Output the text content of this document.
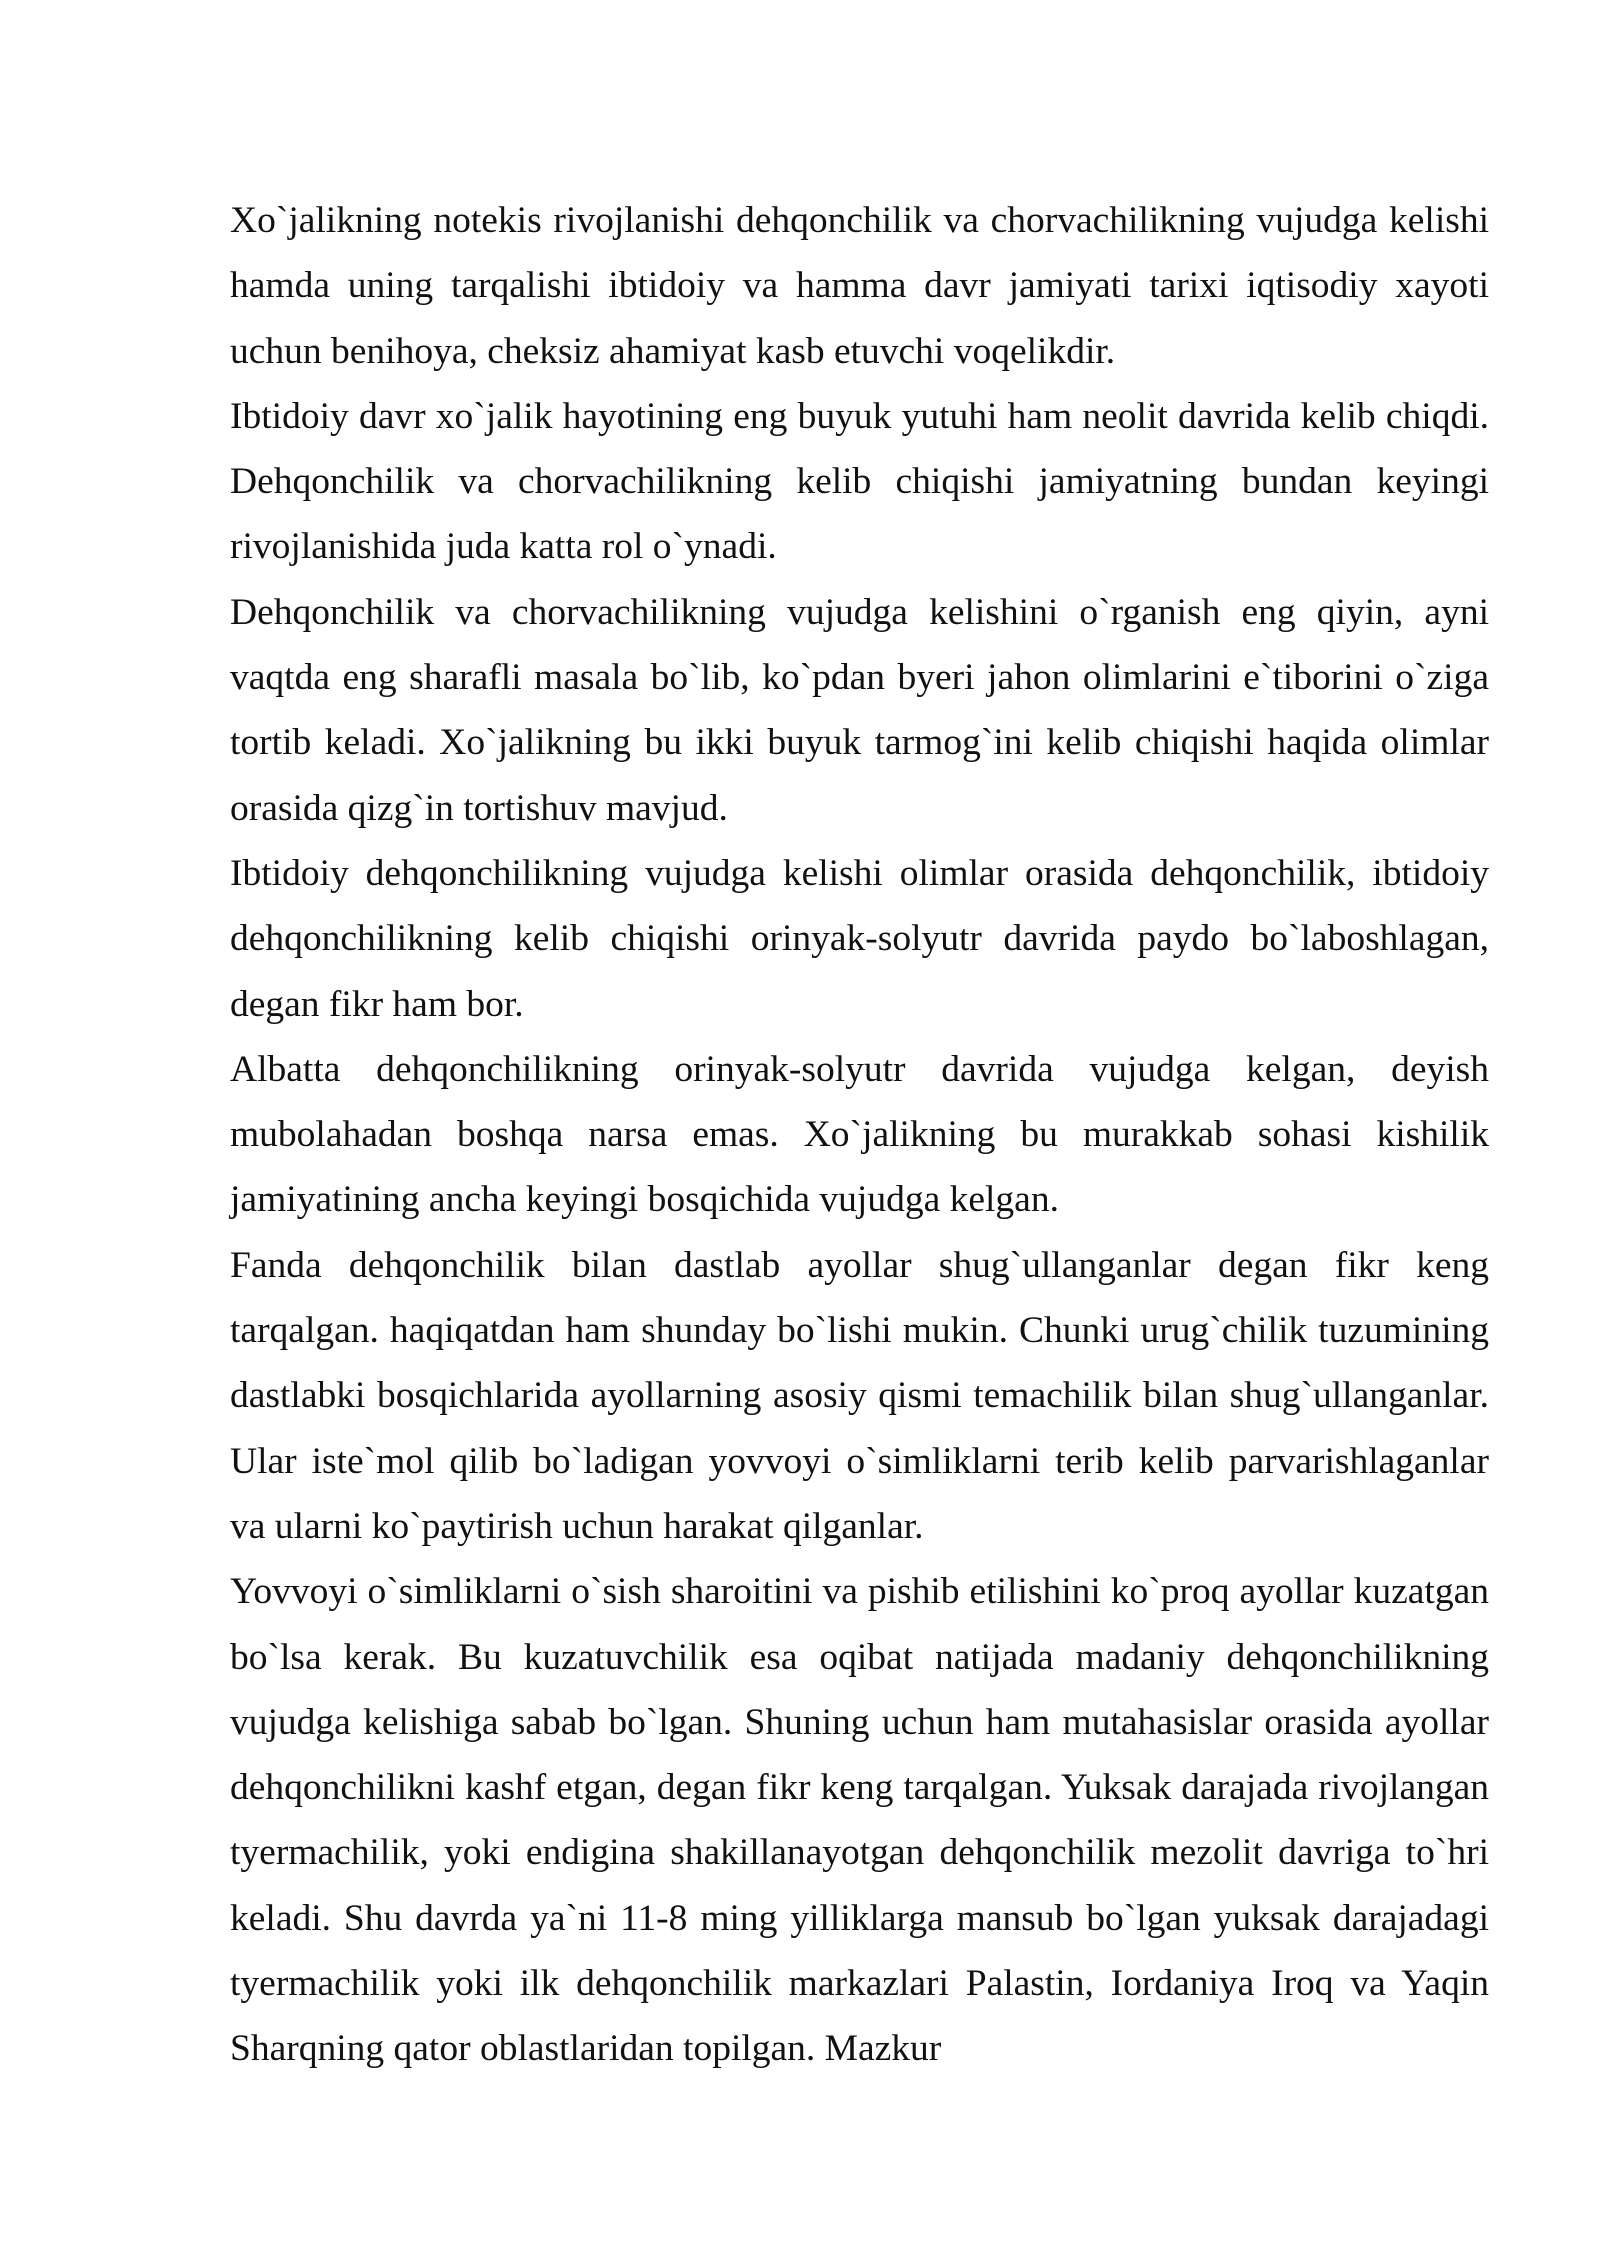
Xo`jalikning notekis rivojlanishi dehqonchilik va chorvachilikning vujudga kelishi hamda uning tarqalishi ibtidoiy va hamma davr jamiyati tarixi iqtisodiy xayoti uchun benihoya, cheksiz ahamiyat kasb etuvchi voqelikdir.

Ibtidoiy davr xo`jalik hayotining eng buyuk yutuhi ham neolit davrida kelib chiqdi. Dehqonchilik va chorvachilikning kelib chiqishi jamiyatning bundan keyingi rivojlanishida juda katta rol o`ynadi.

Dehqonchilik va chorvachilikning vujudga kelishini o`rganish eng qiyin, ayni vaqtda eng sharafli masala bo`lib, ko`pdan byeri jahon olimlarini e`tiborini o`ziga tortib keladi. Xo`jalikning bu ikki buyuk tarmog`ini kelib chiqishi haqida olimlar orasida qizg`in tortishuv mavjud.

Ibtidoiy dehqonchilikning vujudga kelishi olimlar orasida dehqonchilik, ibtidoiy dehqonchilikning kelib chiqishi orinyak-solyutr davrida paydo bo`laboshlagan, degan fikr ham bor.

Albatta dehqonchilikning orinyak-solyutr davrida vujudga kelgan, deyish mubolahadan boshqa narsa emas. Xo`jalikning bu murakkab sohasi kishilik jamiyatining ancha keyingi bosqichida vujudga kelgan.

Fanda dehqonchilik bilan dastlab ayollar shug`ullanganlar degan fikr keng tarqalgan. haqiqatdan ham shunday bo`lishi mukin. Chunki urug`chilik tuzumining dastlabki bosqichlarida ayollarning asosiy qismi temachilik bilan shug`ullanganlar. Ular iste`mol qilib bo`ladigan yovvoyi o`simliklarni terib kelib parvarishlaganlar va ularni ko`paytirish uchun harakat qilganlar.

Yovvoyi o`simliklarni o`sish sharoitini va pishib etilishini ko`proq ayollar kuzatgan bo`lsa kerak. Bu kuzatuvchilik esa oqibat natijada madaniy dehqonchilikning vujudga kelishiga sabab bo`lgan. Shuning uchun ham mutahasislar orasida ayollar dehqonchilikni kashf etgan, degan fikr keng tarqalgan. Yuksak darajada rivojlangan tyermachilik, yoki endigina shakillanayotgan dehqonchilik mezolit davriga to`hri keladi. Shu davrda ya`ni 11-8 ming yilliklarga mansub bo`lgan yuksak darajadagi tyermachilik yoki ilk dehqonchilik markazlari Palastin, Iordaniya Iroq va Yaqin Sharqning qator oblastlaridan topilgan. Mazkur
